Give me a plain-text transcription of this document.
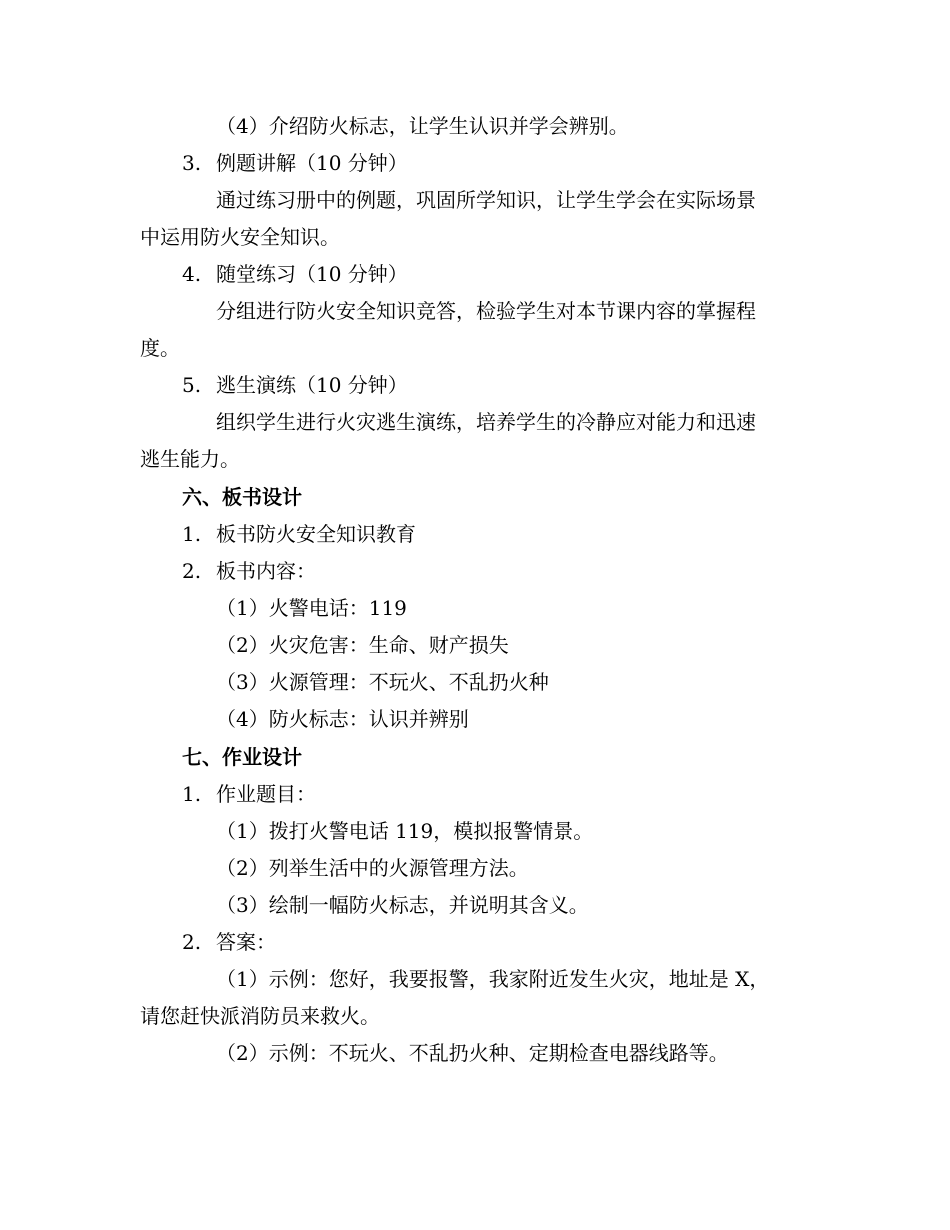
（4）介绍防火标志，让学生认识并学会辨别。
3. 例题讲解（10 分钟）
通过练习册中的例题，巩固所学知识，让学生学会在实际场景
中运用防火安全知识。
4. 随堂练习（10 分钟）
分组进行防火安全知识竞答，检验学生对本节课内容的掌握程
度。
5. 逃生演练（10 分钟）
组织学生进行火灾逃生演练，培养学生的冷静应对能力和迅速
逃生能力。
六、板书设计
1. 板书防火安全知识教育
2. 板书内容：
（1）火警电话：119
（2）火灾危害：生命、财产损失
（3）火源管理：不玩火、不乱扔火种
（4）防火标志：认识并辨别
七、作业设计
1. 作业题目：
（1）拨打火警电话 119，模拟报警情景。
（2）列举生活中的火源管理方法。
（3）绘制一幅防火标志，并说明其含义。
2. 答案：
（1）示例：您好，我要报警，我家附近发生火灾，地址是 X，
请您赶快派消防员来救火。
（2）示例：不玩火、不乱扔火种、定期检查电器线路等。
